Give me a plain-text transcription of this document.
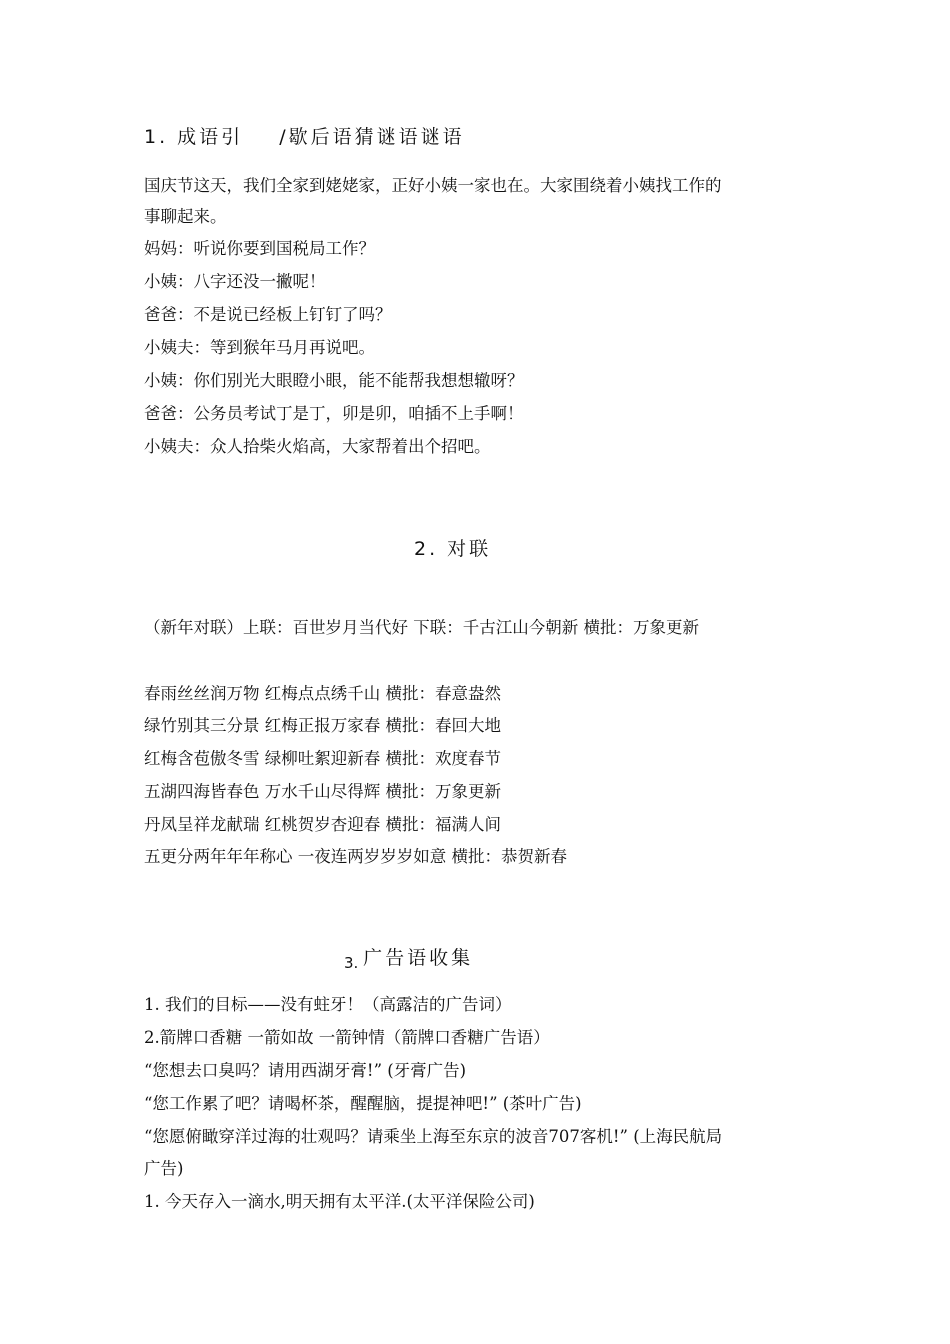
1. 成语引 /歇后语猜谜语谜语
国庆节这天，我们全家到姥姥家，正好小姨一家也在。大家围绕着小姨找工作的
事聊起来。
妈妈：听说你要到国税局工作？
小姨：八字还没一撇呢！
爸爸：不是说已经板上钉钉了吗？
小姨夫：等到猴年马月再说吧。
小姨：你们别光大眼瞪小眼，能不能帮我想想辙呀？
爸爸：公务员考试丁是丁，卯是卯，咱插不上手啊！
小姨夫：众人拾柴火焰高，大家帮着出个招吧。
2. 对联
（新年对联）上联：百世岁月当代好 下联：千古江山今朝新 横批：万象更新
春雨丝丝润万物 红梅点点绣千山 横批：春意盎然
绿竹别其三分景 红梅正报万家春 横批：春回大地
红梅含苞傲冬雪 绿柳吐絮迎新春 横批：欢度春节
五湖四海皆春色 万水千山尽得辉 横批：万象更新
丹凤呈祥龙献瑞 红桃贺岁杏迎春 横批：福满人间
五更分两年年年称心 一夜连两岁岁岁如意 横批：恭贺新春
$_{3.}$ 广告语收集
1. 我们的目标——没有蛀牙！（高露洁的广告词）
2.箭牌口香糖 一箭如故 一箭钟情（箭牌口香糖广告语）
“您想去口臭吗？请用西湖牙膏!” (牙膏广告)
“您工作累了吧？请喝杯茶，醒醒脑，提提神吧!” (茶叶广告)
“您愿俯瞰穿洋过海的壮观吗？请乘坐上海至东京的波音707客机!” (上海民航局
广告)
1. 今天存入一滴水,明天拥有太平洋.(太平洋保险公司)
